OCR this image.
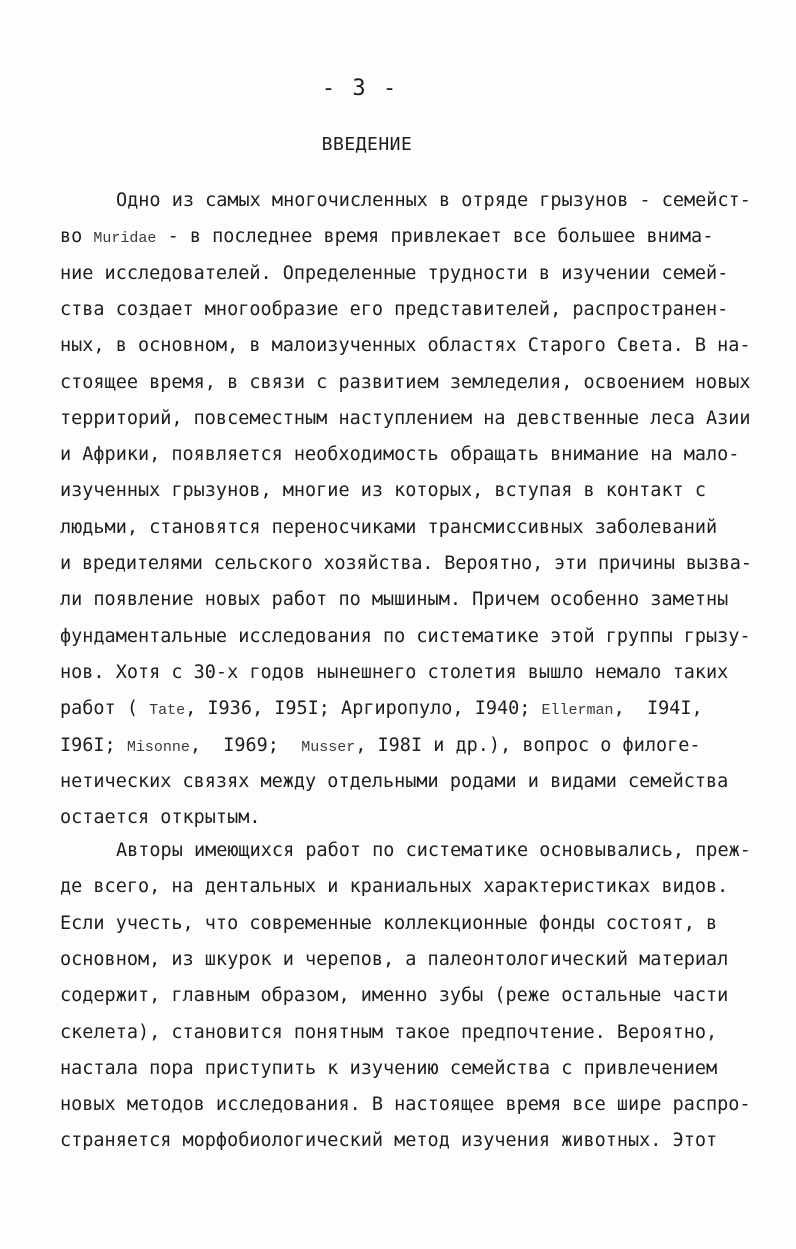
- 3 -
ВВЕДЕНИЕ
Одно из самых многочисленных в отряде грызунов - семейст-
во Muridae - в последнее время привлекает все большее внима-
ние исследователей. Определенные трудности в изучении семей-
ства создает многообразие его представителей, распространен-
ных, в основном, в малоизученных областях Старого Света. В на-
стоящее время, в связи с развитием земледелия, освоением новых
территорий, повсеместным наступлением на девственные леса Азии
и Африки, появляется необходимость обращать внимание на мало-
изученных грызунов, многие из которых, вступая в контакт с
людьми, становятся переносчиками трансмиссивных заболеваний
и вредителями сельского хозяйства. Вероятно, эти причины вызва-
ли появление новых работ по мышиным. Причем особенно заметны
фундаментальные исследования по систематике этой группы грызу-
нов. Хотя с 30-х годов нынешнего столетия вышло немало таких
работ ( Tate, I936, I95I; Аргиропуло, I940; Ellerman,  I94I,
I96I; Misonne,  I969;  Musser, I98I и др.), вопрос о филоге-
нетических связях между отдельными родами и видами семейства
остается открытым.
Авторы имеющихся работ по систематике основывались, преж-
де всего, на дентальных и краниальных характеристиках видов.
Если учесть, что современные коллекционные фонды состоят, в
основном, из шкурок и черепов, а палеонтологический материал
содержит, главным образом, именно зубы (реже остальные части
скелета), становится понятным такое предпочтение. Вероятно,
настала пора приступить к изучению семейства с привлечением
новых методов исследования. В настоящее время все шире распро-
страняется морфобиологический метод изучения животных. Этот
